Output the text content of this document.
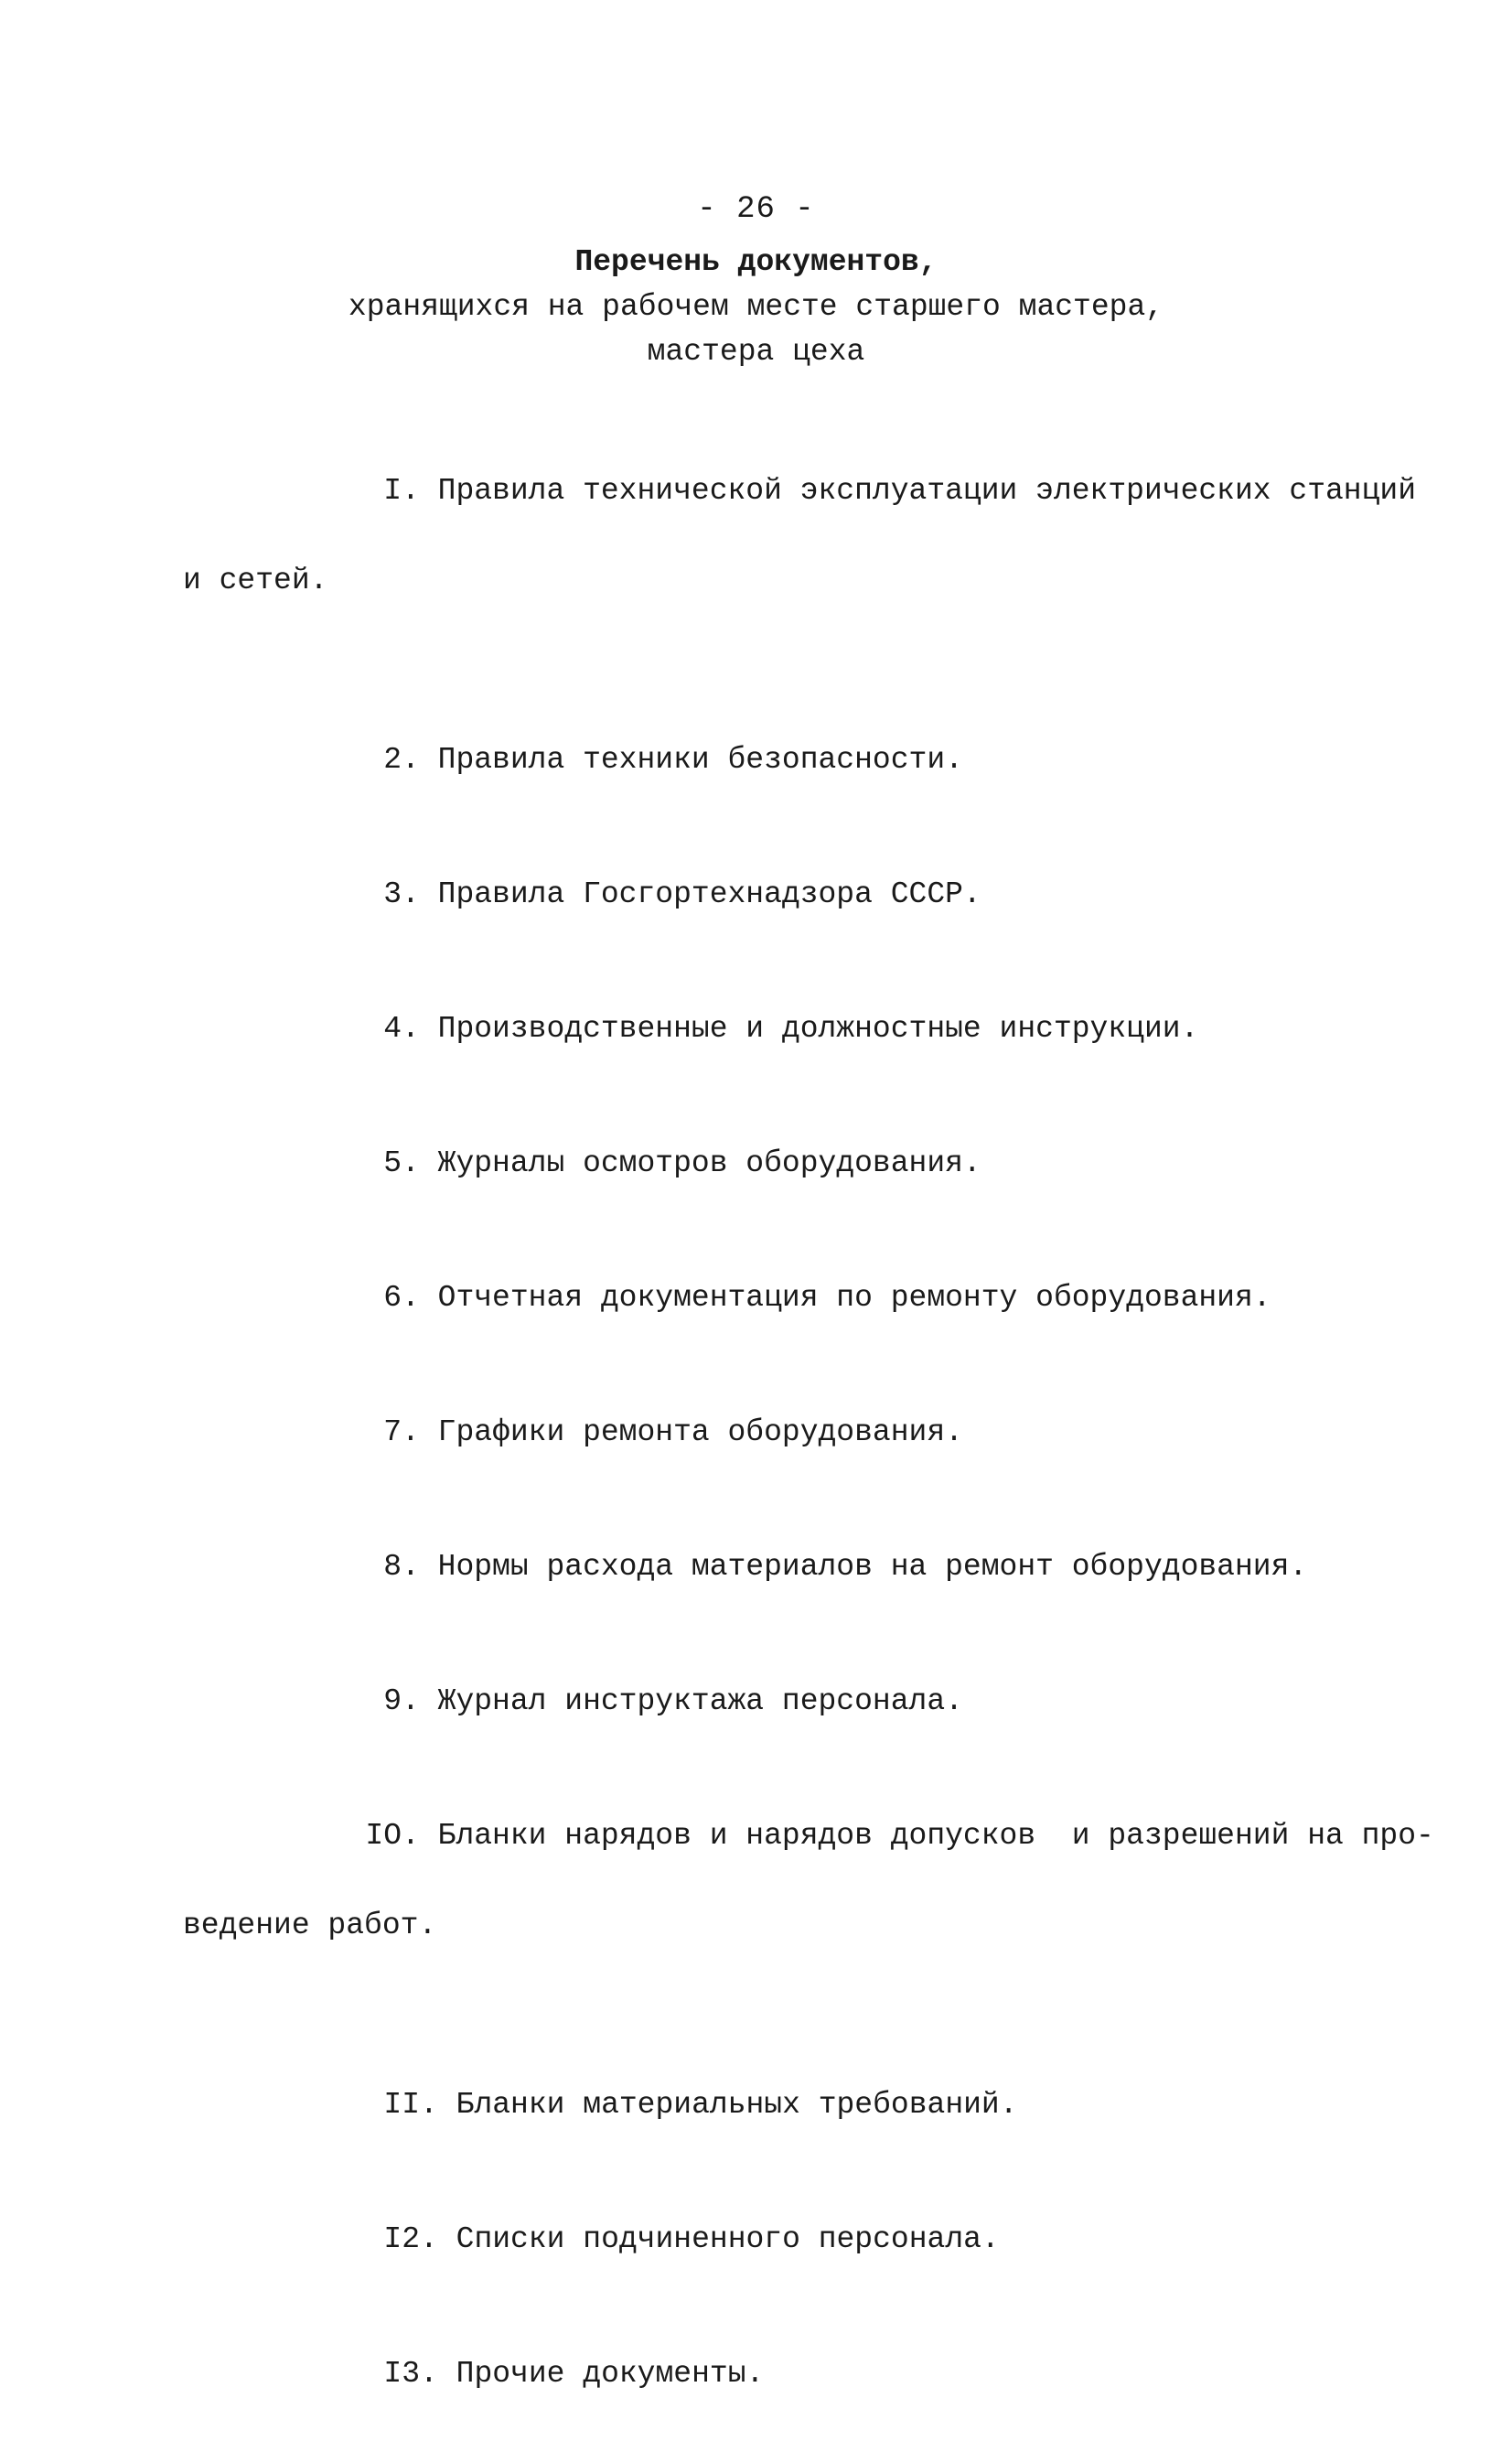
- 26 -
Перечень документов,
хранящихся на рабочем месте старшего мастера,
мастера цеха

I. Правила технической эксплуатации электрических станций

и сетей.

2. Правила техники безопасности.

3. Правила Госгортехнадзора СССР.

4. Производственные и должностные инструкции.

5. Журналы осмотров оборудования.

6. Отчетная документация по ремонту оборудования.

7. Графики ремонта оборудования.

8. Нормы расхода материалов на ремонт оборудования.

9. Журнал инструктажа персонала.

IO. Бланки нарядов и нарядов допусков  и разрешений на про-

ведение работ.

II. Бланки материальных требований.

I2. Списки подчиненного персонала.

I3. Прочие документы.
